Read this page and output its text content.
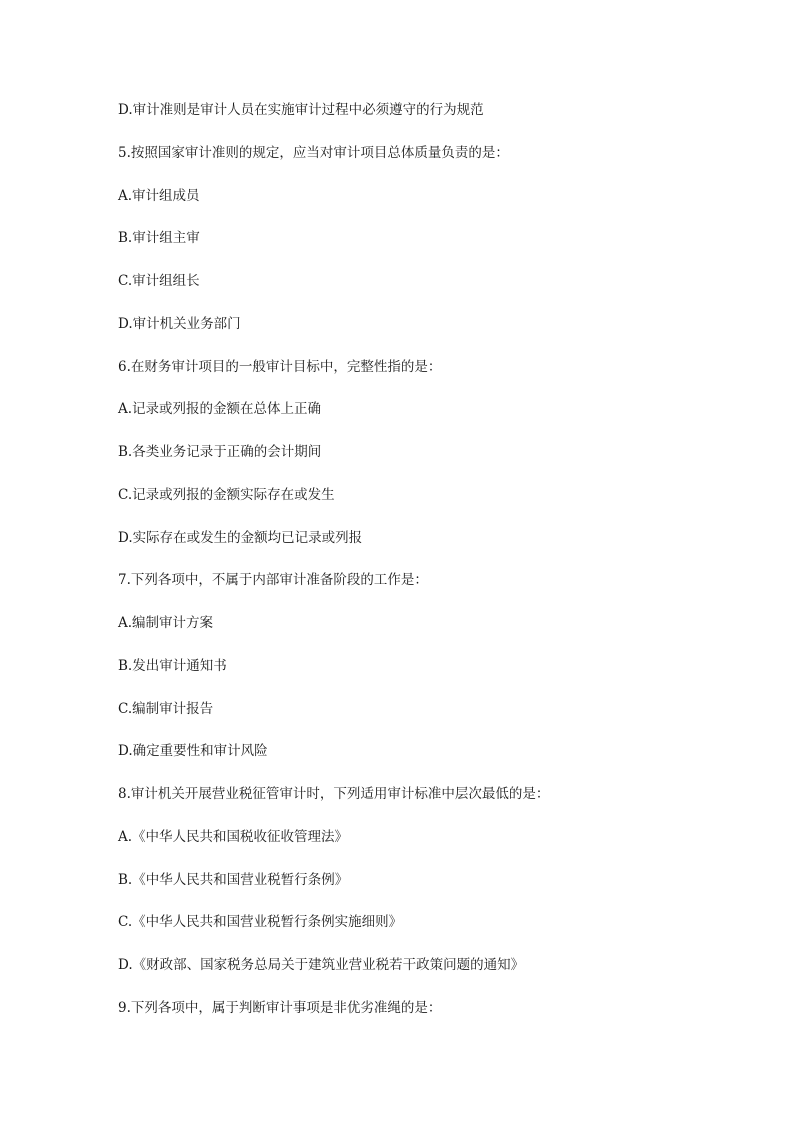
D.审计准则是审计人员在实施审计过程中必须遵守的行为规范
5.按照国家审计准则的规定，应当对审计项目总体质量负责的是：
A.审计组成员
B.审计组主审
C.审计组组长
D.审计机关业务部门
6.在财务审计项目的一般审计目标中，完整性指的是：
A.记录或列报的金额在总体上正确
B.各类业务记录于正确的会计期间
C.记录或列报的金额实际存在或发生
D.实际存在或发生的金额均已记录或列报
7.下列各项中，不属于内部审计准备阶段的工作是：
A.编制审计方案
B.发出审计通知书
C.编制审计报告
D.确定重要性和审计风险
8.审计机关开展营业税征管审计时，下列适用审计标准中层次最低的是：
A.《中华人民共和国税收征收管理法》
B.《中华人民共和国营业税暂行条例》
C.《中华人民共和国营业税暂行条例实施细则》
D.《财政部、国家税务总局关于建筑业营业税若干政策问题的通知》
9.下列各项中，属于判断审计事项是非优劣准绳的是：
